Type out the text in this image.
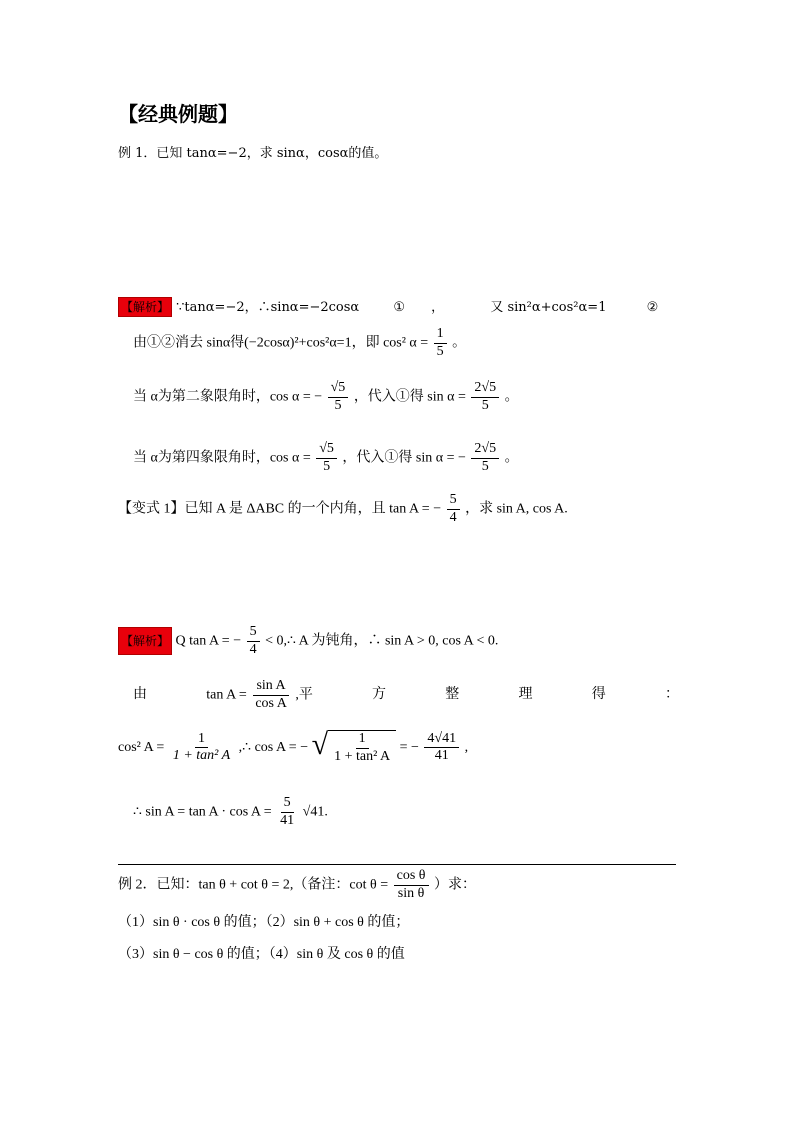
【经典例题】
例 1．已知 tanα=−2，求 sinα，cosα的值。
【解析】 ∵tanα=−2，∴sinα=−2cosα	① ，	又 sin²α+cos²α=1	②
由①②消去 sinα得(−2cosα)²+cos²α=1，即 cos² $\alpha = \frac{1}{5}$ 。
当 α为第二象限角时，cos α = − $\frac{√5}{5}$ ，代入①得 $\sin \alpha = \frac{2√5}{5}$ 。
当 α为第四象限角时，$\cos \alpha = \frac{√5}{5}$ ，代入①得 sin α = − $\frac{2√5}{5}$ 。
【变式 1】已知 A 是 ΔABC 的一个内角，且 tan A = − $\frac{5}{4}$ ，求 sin A, cos A.
【解析】 Q tan A = − $\frac{5}{4}$ < 0,∴ A 为钝角，∴ sin A > 0, cos A < 0.
由	$\tan A = \frac{\text{sin A}}{\text{cos A}}$ ,平	方	整	理	得	：
cos² $A = \frac{1}{\text{1 + tan² A}}$ ,∴ cos A = − √ $\frac{1}{\text{1 + tan² A}}$ = − $\frac{4√41}{41}$ ,
∴ $\sin A = \tan A \cdot \cos A = \frac{5}{41} √41$.
例 2．已知：tan θ + cot θ = 2,（备注：$\cot \theta = \frac{\text{cos θ}}{\text{sin θ}}$ ）求：
（1）sin θ · cos θ 的值；（2）sin θ + cos θ 的值；
（3）sin θ − cos θ 的值；（4）sin θ 及 cos θ 的值
